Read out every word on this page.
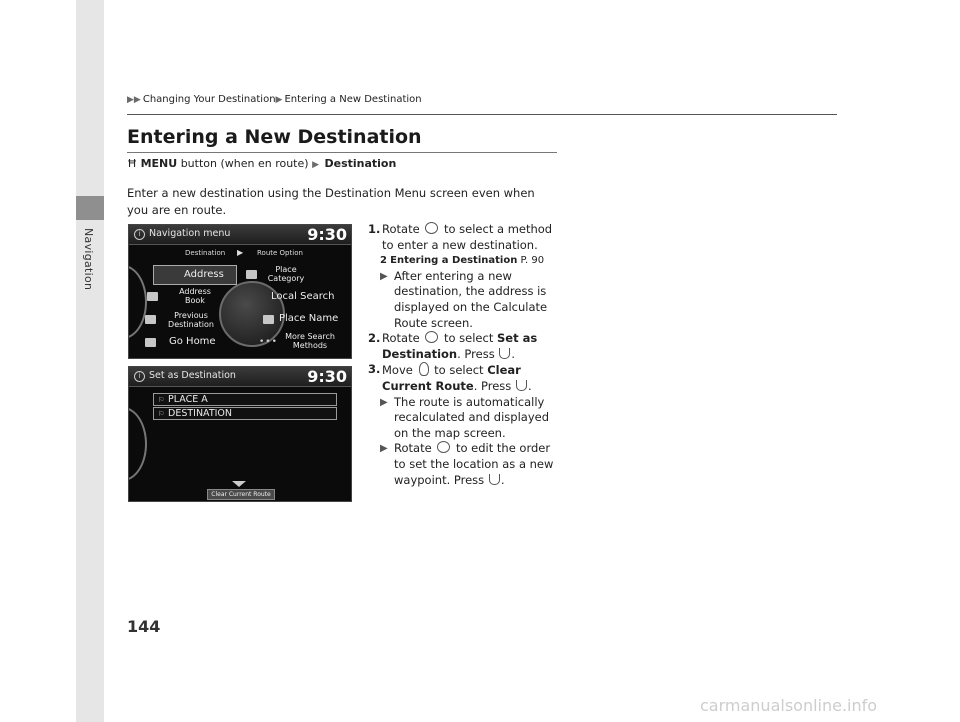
Navigation
▶▶ Changing Your Destination▶ Entering a New Destination
Entering a New Destination
Ħ MENU button (when en route) ▶ Destination
Enter a new destination using the Destination Menu screen even when you are en route.
i Navigation menu	9:30
Destination ▶ Route Option
Address	Place
Category
Address
Book	Local Search
Previous
Destination
Place Name
Go Home	•••
More Search
Methods
i Set as Destination	9:30
⚐ PLACE A
⚐ DESTINATION
Clear Current Route
1. Rotate to select a method to enter a new destination.
2 Entering a Destination P. 90
▶ After entering a new destination, the address is displayed on the Calculate Route screen.
2. Rotate to select Set as Destination. Press .
3. Move to select Clear Current Route. Press .
▶ The route is automatically recalculated and displayed on the map screen.
▶ Rotate to edit the order to set the location as a new waypoint. Press .
144
carmanualsonline.info
